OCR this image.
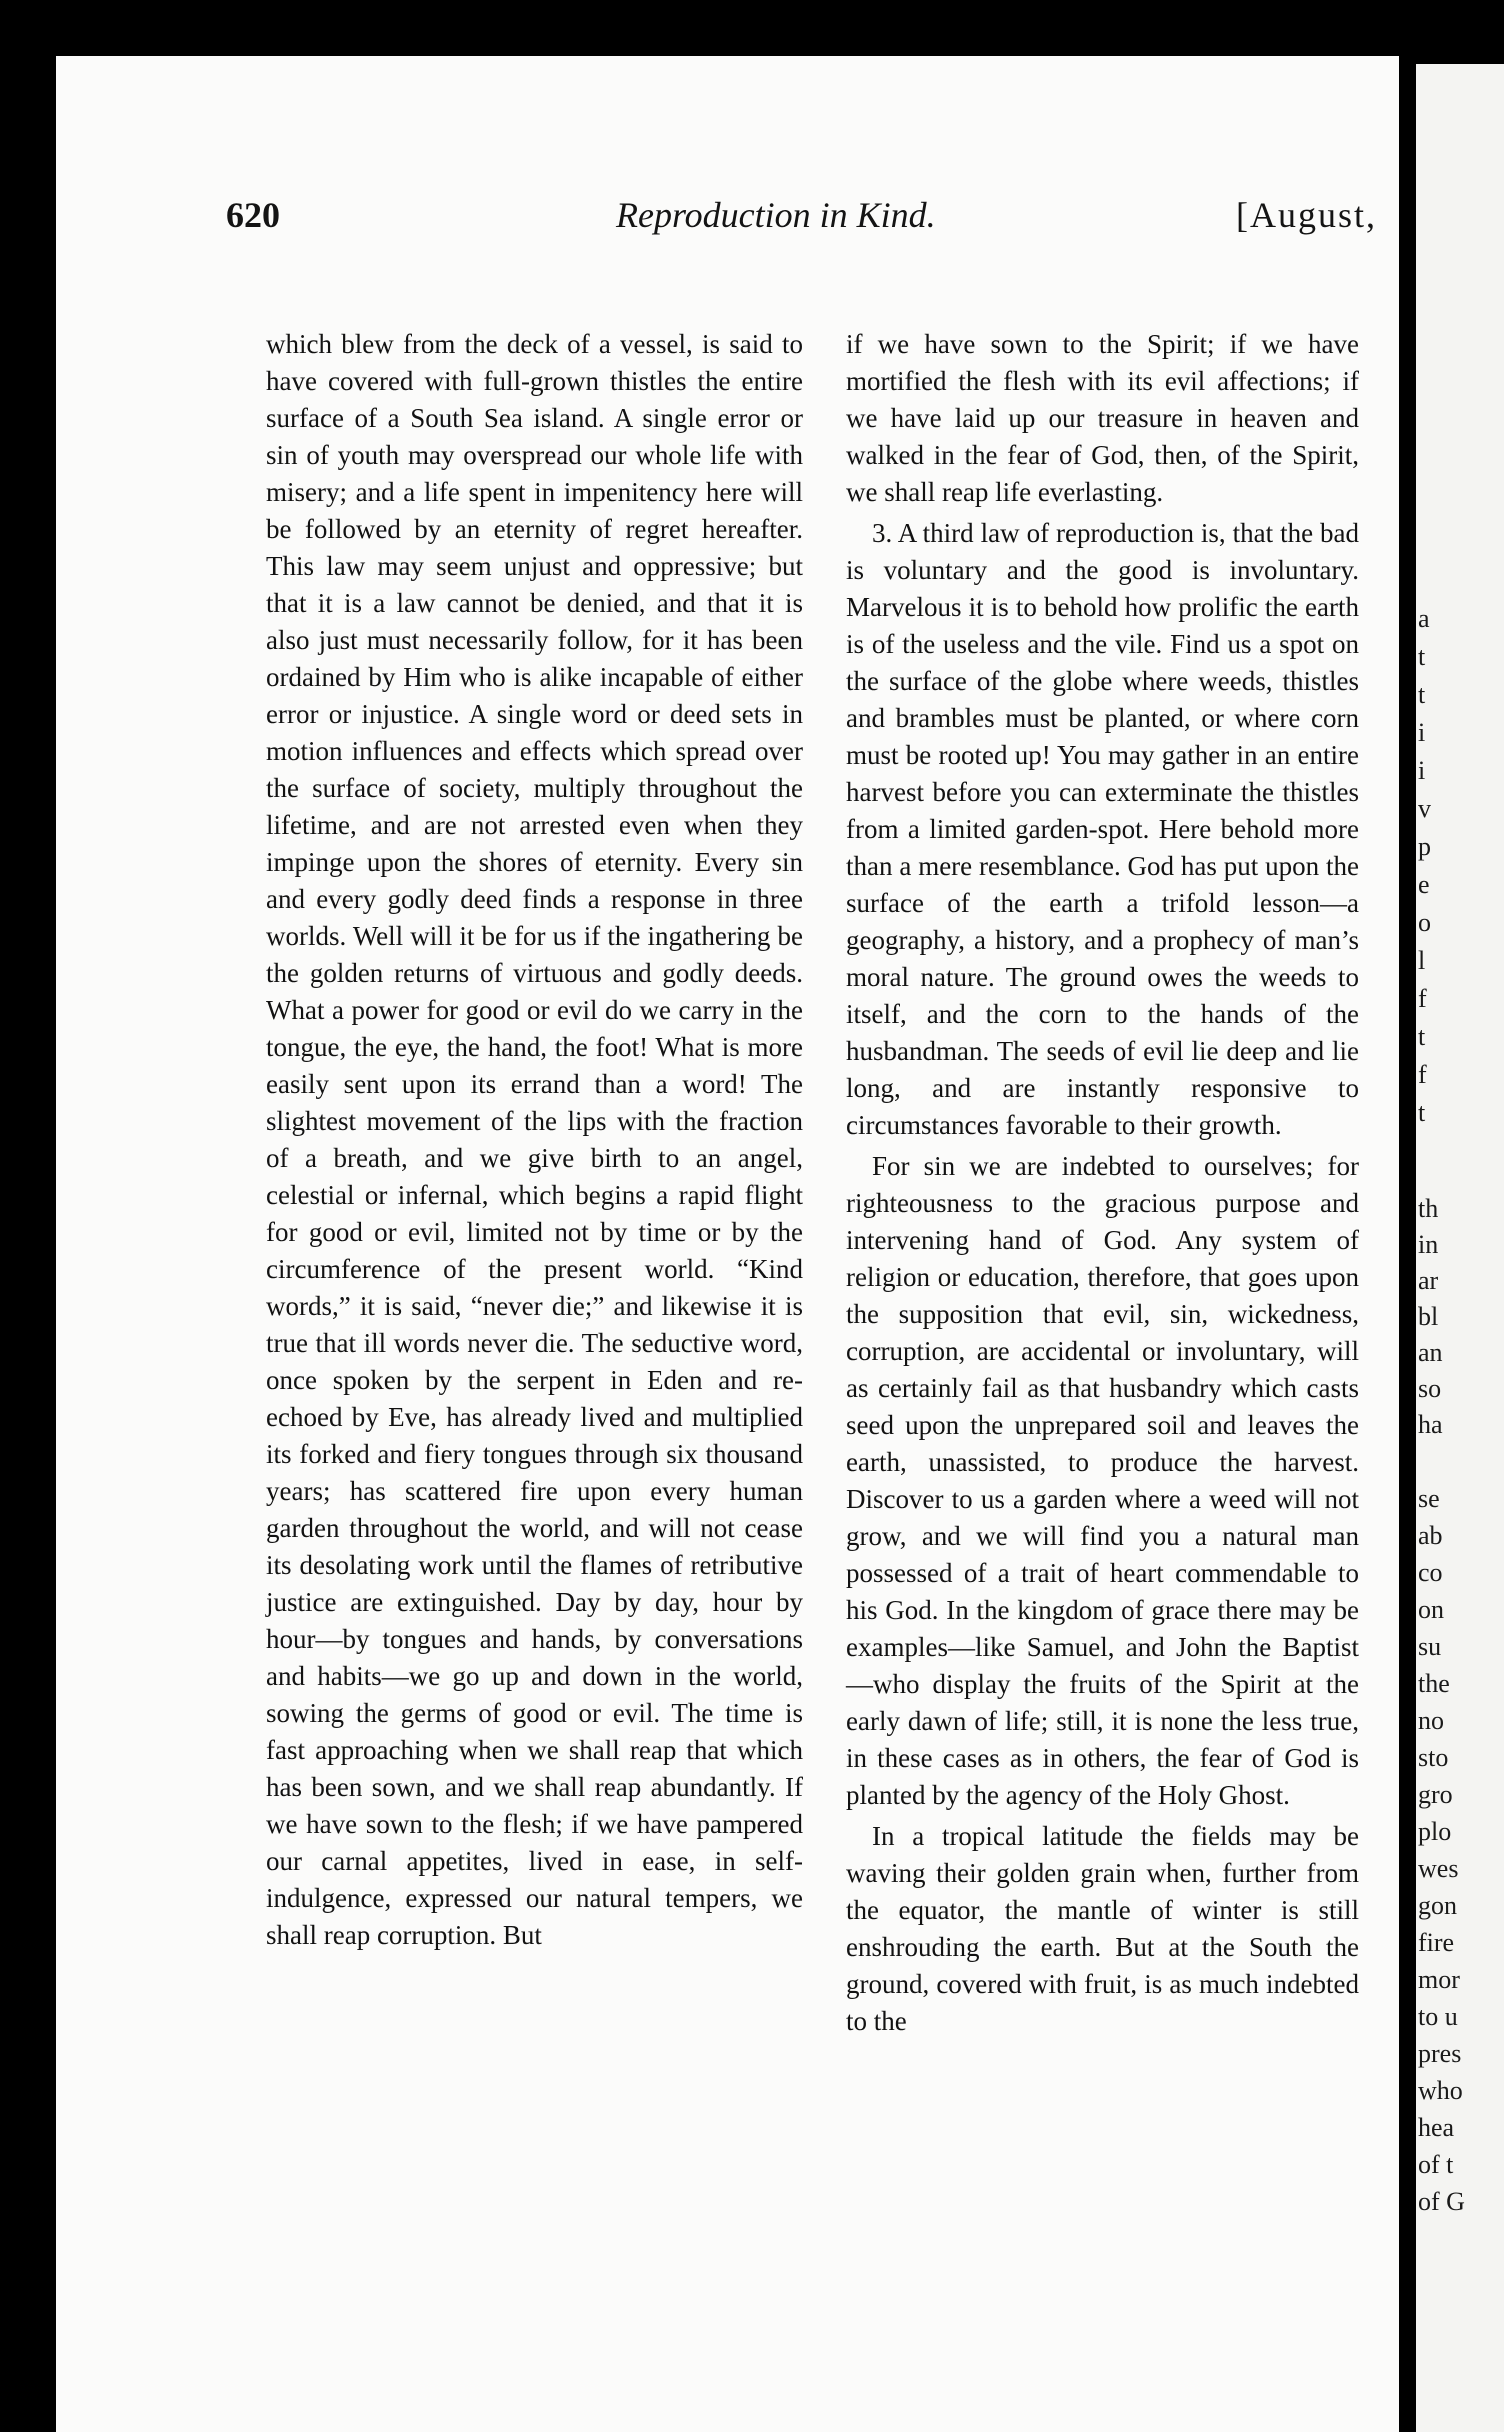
620	Reproduction in Kind.	[August,

which blew from the deck of a vessel, is said to have covered with full-grown thistles the entire surface of a South Sea island. A single error or sin of youth may overspread our whole life with misery; and a life spent in impenitency here will be followed by an eternity of regret hereafter. This law may seem unjust and oppressive; but that it is a law cannot be denied, and that it is also just must necessarily follow, for it has been ordained by Him who is alike incapable of either error or injustice. A single word or deed sets in motion influences and effects which spread over the surface of society, multiply throughout the lifetime, and are not arrested even when they impinge upon the shores of eternity. Every sin and every godly deed finds a response in three worlds. Well will it be for us if the ingathering be the golden returns of virtuous and godly deeds. What a power for good or evil do we carry in the tongue, the eye, the hand, the foot! What is more easily sent upon its errand than a word! The slightest movement of the lips with the fraction of a breath, and we give birth to an angel, celestial or infernal, which begins a rapid flight for good or evil, limited not by time or by the circumference of the present world. “Kind words,” it is said, “never die;” and likewise it is true that ill words never die. The seductive word, once spoken by the serpent in Eden and re-echoed by Eve, has already lived and multiplied its forked and fiery tongues through six thousand years; has scattered fire upon every human garden throughout the world, and will not cease its desolating work until the flames of retributive justice are extinguished. Day by day, hour by hour—by tongues and hands, by conversations and habits—we go up and down in the world, sowing the germs of good or evil. The time is fast approaching when we shall reap that which has been sown, and we shall reap abundantly. If we have sown to the flesh; if we have pampered our carnal appetites, lived in ease, in self-indulgence, expressed our natural tempers, we shall reap corruption. But

if we have sown to the Spirit; if we have mortified the flesh with its evil affections; if we have laid up our treasure in heaven and walked in the fear of God, then, of the Spirit, we shall reap life everlasting.

3. A third law of reproduction is, that the bad is voluntary and the good is involuntary. Marvelous it is to behold how prolific the earth is of the useless and the vile. Find us a spot on the surface of the globe where weeds, thistles and brambles must be planted, or where corn must be rooted up! You may gather in an entire harvest before you can exterminate the thistles from a limited garden-spot. Here behold more than a mere resemblance. God has put upon the surface of the earth a trifold lesson—a geography, a history, and a prophecy of man’s moral nature. The ground owes the weeds to itself, and the corn to the hands of the husbandman. The seeds of evil lie deep and lie long, and are instantly responsive to circumstances favorable to their growth.

For sin we are indebted to ourselves; for righteousness to the gracious purpose and intervening hand of God. Any system of religion or education, therefore, that goes upon the supposition that evil, sin, wickedness, corruption, are accidental or involuntary, will as certainly fail as that husbandry which casts seed upon the unprepared soil and leaves the earth, unassisted, to produce the harvest. Discover to us a garden where a weed will not grow, and we will find you a natural man possessed of a trait of heart commendable to his God. In the kingdom of grace there may be examples—like Samuel, and John the Baptist—who display the fruits of the Spirit at the early dawn of life; still, it is none the less true, in these cases as in others, the fear of God is planted by the agency of the Holy Ghost.

In a tropical latitude the fields may be waving their golden grain when, further from the equator, the mantle of winter is still enshrouding the earth. But at the South the ground, covered with fruit, is as much indebted to the

a
t
t
i
i
v
p
e
o
l
f
t
f
t
th
in
ar
bl
an
so
ha
se
ab
co
on
su
the
no
sto
gro
plo
wes
gon
fire
mor
to u
pres
who
hea
of t
of G
